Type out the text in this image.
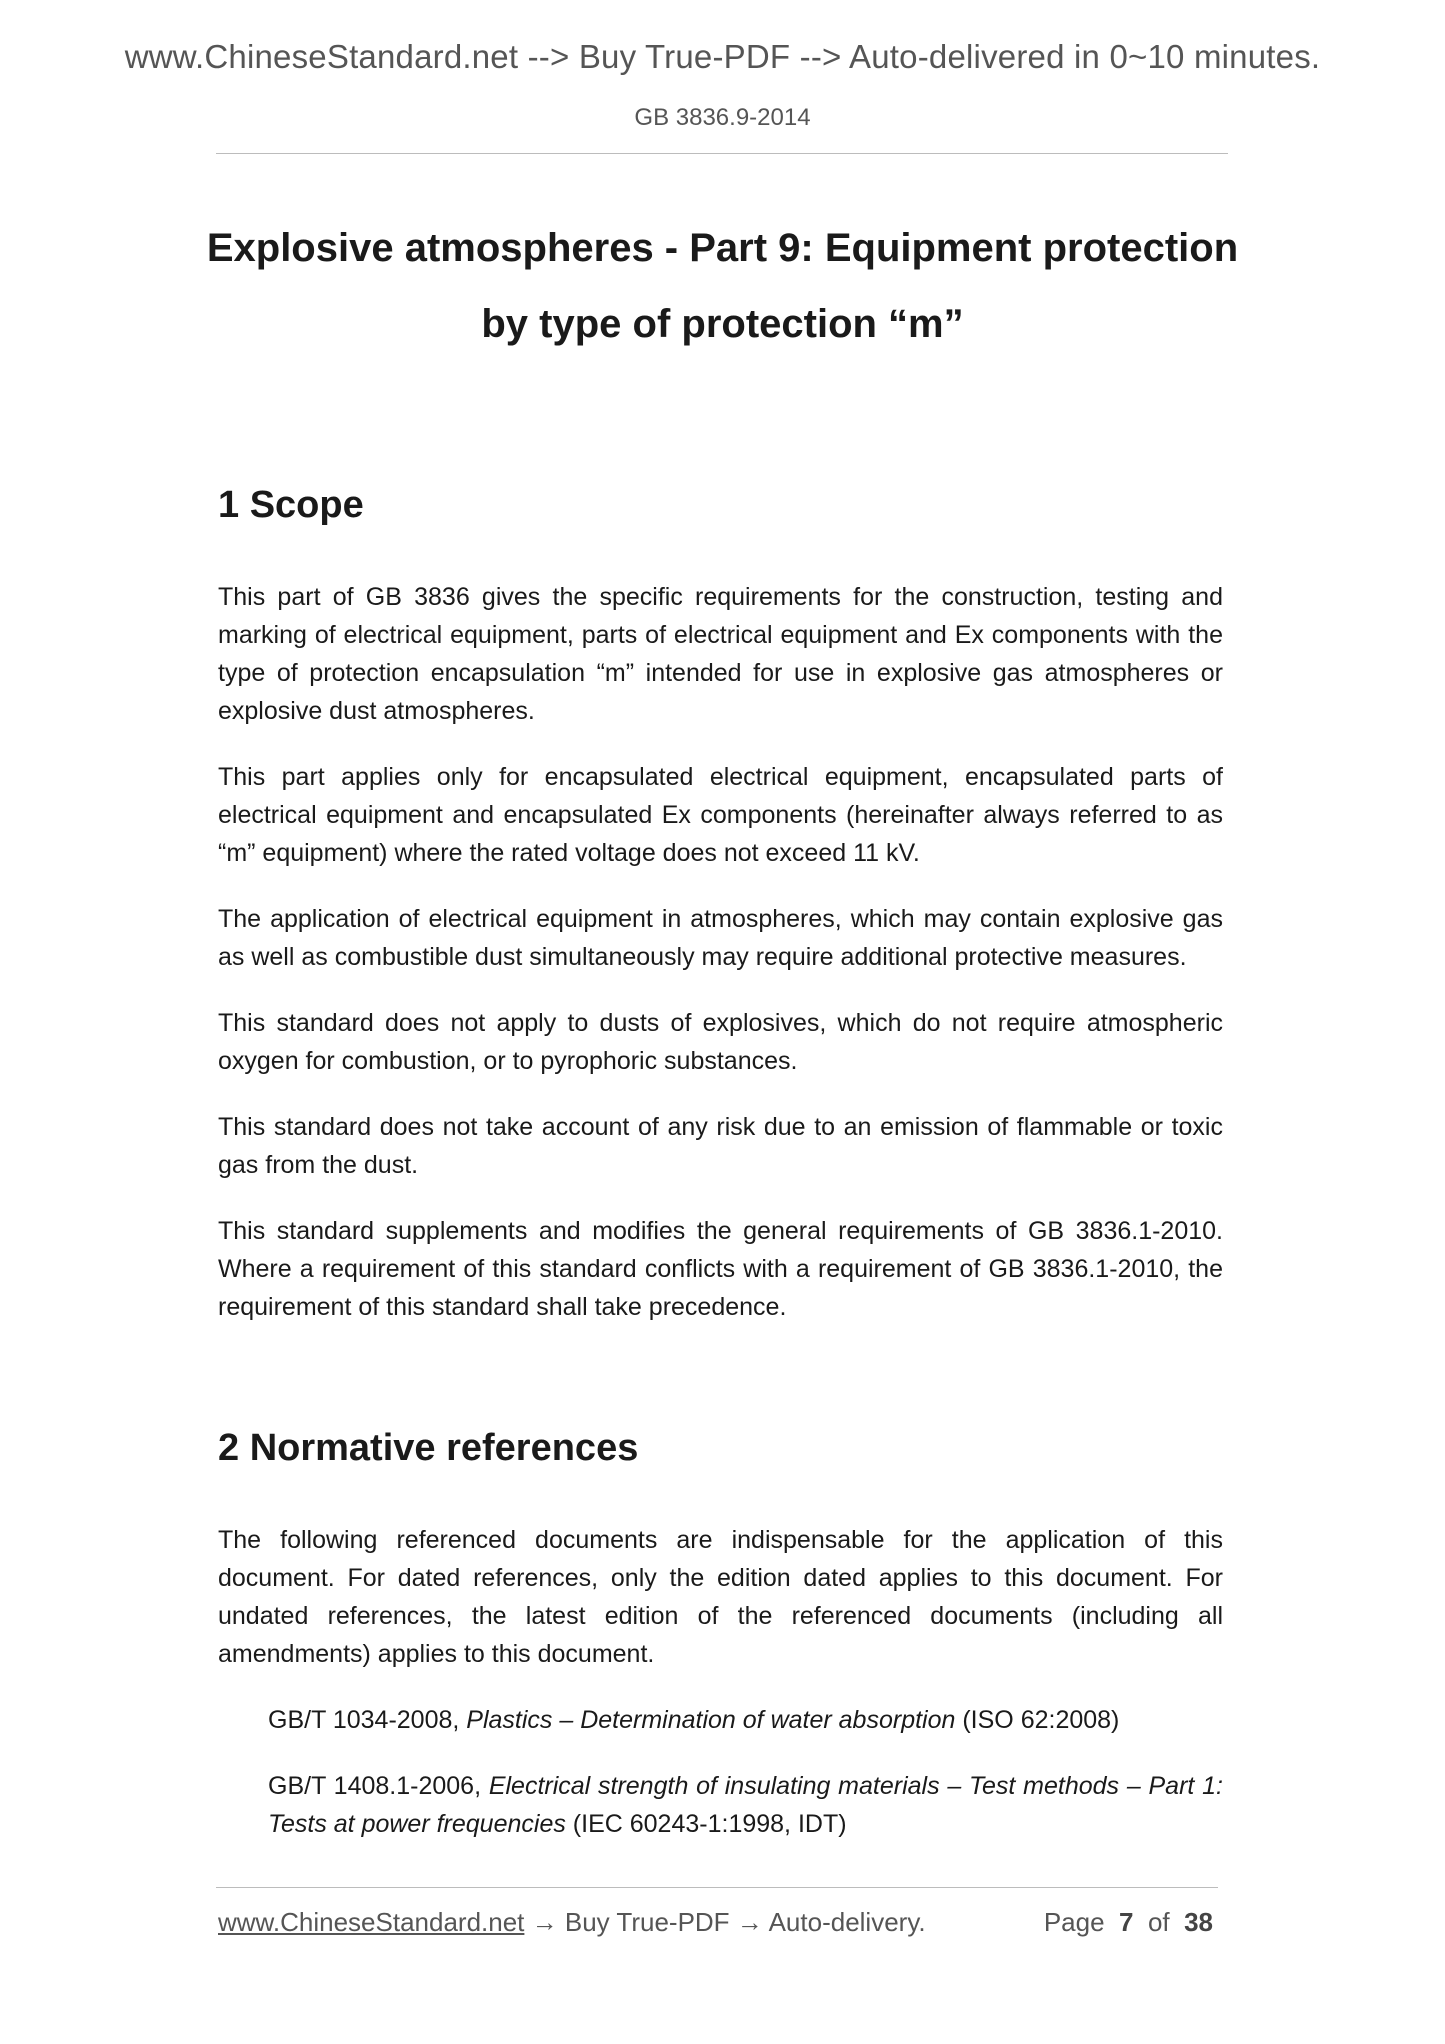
www.ChineseStandard.net --> Buy True-PDF --> Auto-delivered in 0~10 minutes.
GB 3836.9-2014
Explosive atmospheres - Part 9: Equipment protection
by type of protection “m”
1 Scope

This part of GB 3836 gives the specific requirements for the construction, testing and marking of electrical equipment, parts of electrical equipment and Ex components with the type of protection encapsulation “m” intended for use in explosive gas atmospheres or explosive dust atmospheres.

This part applies only for encapsulated electrical equipment, encapsulated parts of electrical equipment and encapsulated Ex components (hereinafter always referred to as “m” equipment) where the rated voltage does not exceed 11 kV.

The application of electrical equipment in atmospheres, which may contain explosive gas as well as combustible dust simultaneously may require additional protective measures.

This standard does not apply to dusts of explosives, which do not require atmospheric oxygen for combustion, or to pyrophoric substances.

This standard does not take account of any risk due to an emission of flammable or toxic gas from the dust.

This standard supplements and modifies the general requirements of GB 3836.1-2010. Where a requirement of this standard conflicts with a requirement of GB 3836.1-2010, the requirement of this standard shall take precedence.

2 Normative references

The following referenced documents are indispensable for the application of this document. For dated references, only the edition dated applies to this document. For undated references, the latest edition of the referenced documents (including all amendments) applies to this document.

GB/T 1034-2008, Plastics – Determination of water absorption (ISO 62:2008)
GB/T 1408.1-2006, Electrical strength of insulating materials – Test methods – Part 1: Tests at power frequencies (IEC 60243-1:1998, IDT)
www.ChineseStandard.net → Buy True-PDF → Auto-delivery.	Page 7 of 38
